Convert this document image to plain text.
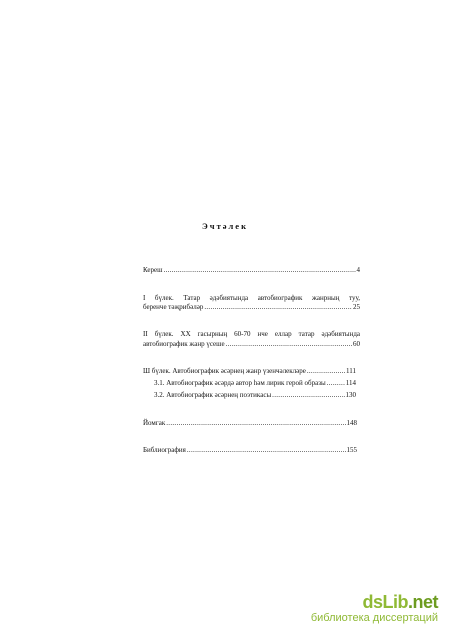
Эчтәлек
Кереш .....	4
I бүлек. Татар әдәбиятында автобиографик жанрның туу,
беренче тәҗрибәләр .....	25
II бүлек. XX гасырның 60-70 нче еллар татар әдәбиятында
автобиографик жанр үсеше .....	60
Ш бүлек. Автобиографик әсәрнең жанр үзенчәлекләре .....	111
3.1. Автобиографик әсәрдә автор һәм лирик герой образы .....	114
3.2. Автобиографик әсәрнең поэтикасы .....	130
Йомгак .....	148
Библиография .....	155
dsLib.net
библиотека диссертаций
